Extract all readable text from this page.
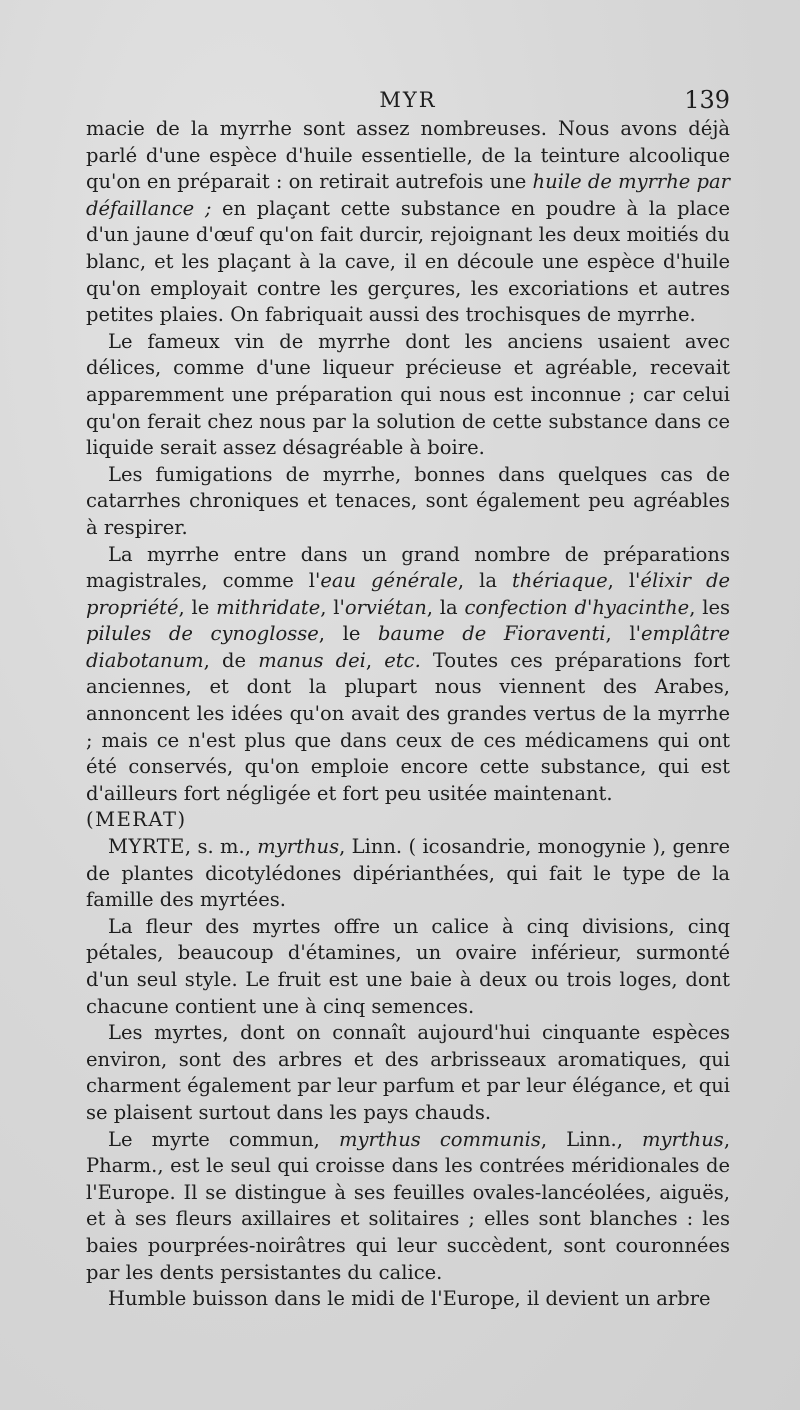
MYR	139

macie de la myrrhe sont assez nombreuses. Nous avons déjà parlé d'une espèce d'huile essentielle, de la teinture alcoolique qu'on en préparait : on retirait autrefois une huile de myrrhe par défaillance ; en plaçant cette substance en poudre à la place d'un jaune d'œuf qu'on fait durcir, rejoignant les deux moitiés du blanc, et les plaçant à la cave, il en découle une espèce d'huile qu'on employait contre les gerçures, les excoriations et autres petites plaies. On fabriquait aussi des trochisques de myrrhe.

Le fameux vin de myrrhe dont les anciens usaient avec délices, comme d'une liqueur précieuse et agréable, recevait apparemment une préparation qui nous est inconnue ; car celui qu'on ferait chez nous par la solution de cette substance dans ce liquide serait assez désagréable à boire.

Les fumigations de myrrhe, bonnes dans quelques cas de catarrhes chroniques et tenaces, sont également peu agréables à respirer.

La myrrhe entre dans un grand nombre de préparations magistrales, comme l'eau générale, la thériaque, l'élixir de propriété, le mithridate, l'orviétan, la confection d'hyacinthe, les pilules de cynoglosse, le baume de Fioraventi, l'emplâtre diabotanum, de manus dei, etc. Toutes ces préparations fort anciennes, et dont la plupart nous viennent des Arabes, annoncent les idées qu'on avait des grandes vertus de la myrrhe ; mais ce n'est plus que dans ceux de ces médicamens qui ont été conservés, qu'on emploie encore cette substance, qui est d'ailleurs fort négligée et fort peu usitée maintenant.

(MERAT)

MYRTE, s. m., myrthus, Linn. ( icosandrie, monogynie ), genre de plantes dicotylédones dipérianthées, qui fait le type de la famille des myrtées.

La fleur des myrtes offre un calice à cinq divisions, cinq pétales, beaucoup d'étamines, un ovaire inférieur, surmonté d'un seul style. Le fruit est une baie à deux ou trois loges, dont chacune contient une à cinq semences.

Les myrtes, dont on connaît aujourd'hui cinquante espèces environ, sont des arbres et des arbrisseaux aromatiques, qui charment également par leur parfum et par leur élégance, et qui se plaisent surtout dans les pays chauds.

Le myrte commun, myrthus communis, Linn., myrthus, Pharm., est le seul qui croisse dans les contrées méridionales de l'Europe. Il se distingue à ses feuilles ovales-lancéolées, aiguës, et à ses fleurs axillaires et solitaires ; elles sont blanches : les baies pourprées-noirâtres qui leur succèdent, sont couronnées par les dents persistantes du calice.

Humble buisson dans le midi de l'Europe, il devient un arbre
